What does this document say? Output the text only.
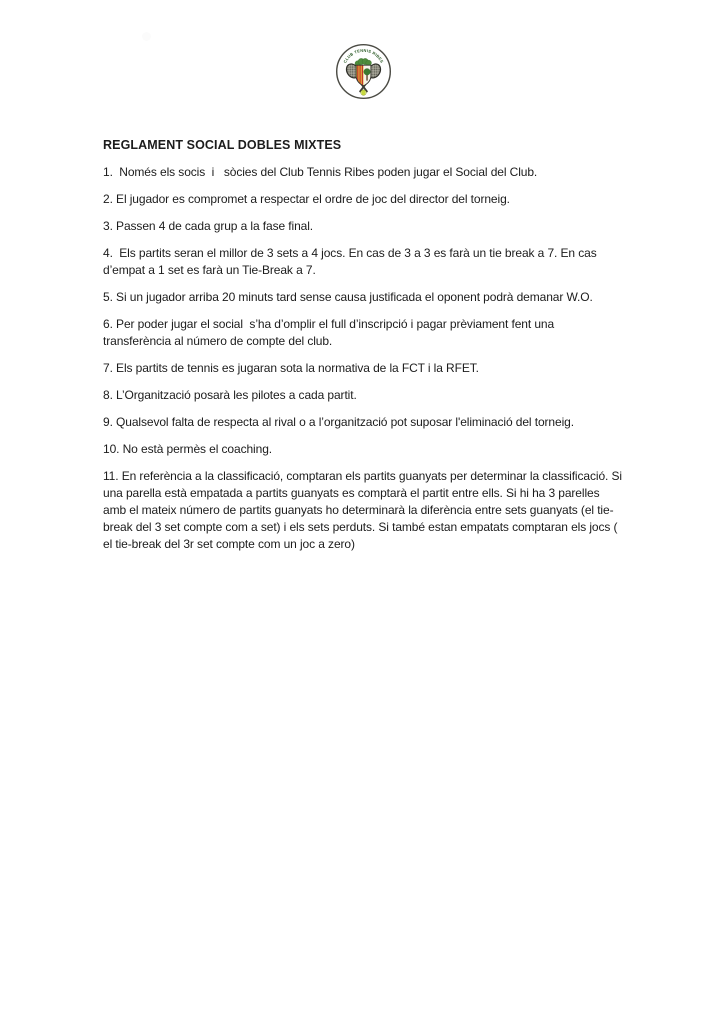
CLUB TENNIS RIBES
REGLAMENT SOCIAL DOBLES MIXTES

1.  Només els socis  i   sòcies del Club Tennis Ribes poden jugar el Social del Club.

2. El jugador es compromet a respectar el ordre de joc del director del torneig.

3. Passen 4 de cada grup a la fase final.

4.  Els partits seran el millor de 3 sets a 4 jocs. En cas de 3 a 3 es farà un tie break a 7. En cas d’empat a 1 set es farà un Tie-Break a 7.

5. Si un jugador arriba 20 minuts tard sense causa justificada el oponent podrà demanar W.O.

6. Per poder jugar el social  s’ha d’omplir el full d’inscripció i pagar prèviament fent una transferència al número de compte del club.

7. Els partits de tennis es jugaran sota la normativa de la FCT i la RFET.

8. L’Organització posarà les pilotes a cada partit.

9. Qualsevol falta de respecta al rival o a l’organització pot suposar l'eliminació del torneig.

10. No està permès el coaching.

11. En referència a la classificació, comptaran els partits guanyats per determinar la classificació. Si una parella està empatada a partits guanyats es comptarà el partit entre ells. Si hi ha 3 parelles amb el mateix número de partits guanyats ho determinarà la diferència entre sets guanyats (el tie-break del 3 set compte com a set) i els sets perduts. Si també estan empatats comptaran els jocs ( el tie-break del 3r set compte com un joc a zero)
